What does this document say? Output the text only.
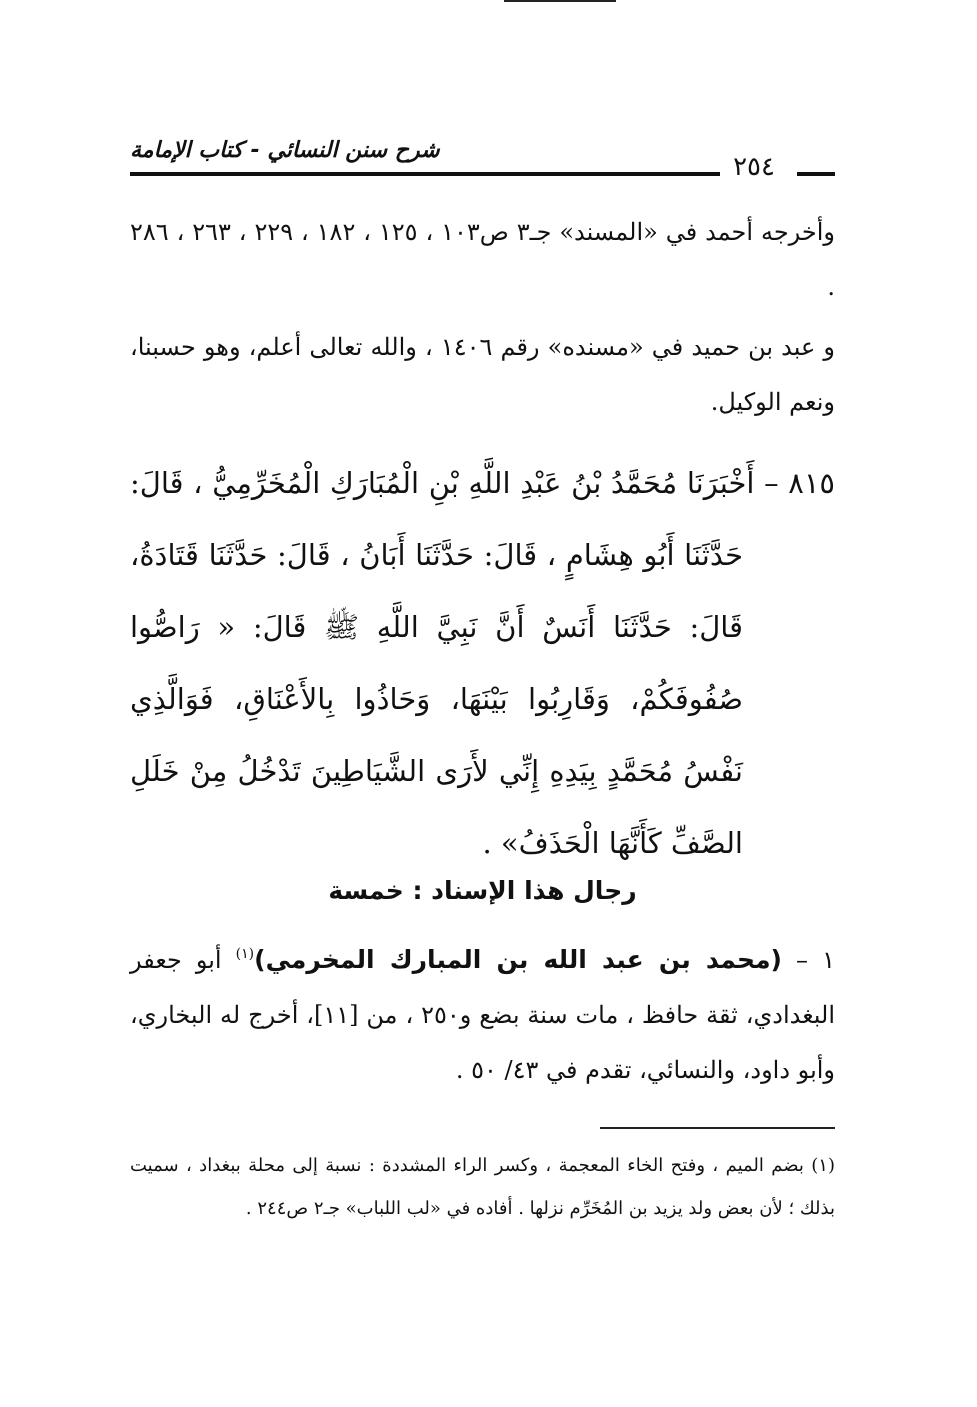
شرح سنن النسائي - كتاب الإمامة
٢٥٤

وأخرجه أحمد في «المسند» جـ٣ ص١٠٣ ، ١٢٥ ، ١٨٢ ، ٢٢٩ ، ٢٦٣ ، ٢٨٦ .

و عبد بن حميد في «مسنده» رقم ١٤٠٦ ، والله تعالى أعلم، وهو حسبنا، ونعم الوكيل.

٨١٥ – أَخْبَرَنَا مُحَمَّدُ بْنُ عَبْدِ اللَّهِ بْنِ الْمُبَارَكِ الْمُخَرِّمِيُّ ، قَالَ:
حَدَّثَنَا أَبُو هِشَامٍ ، قَالَ: حَدَّثَنَا أَبَانُ ، قَالَ: حَدَّثَنَا قَتَادَةُ، قَالَ: حَدَّثَنَا أَنَسٌ أَنَّ نَبِيَّ اللَّهِ ﷺ قَالَ: « رَاصُّوا صُفُوفَكُمْ، وَقَارِبُوا بَيْنَهَا، وَحَاذُوا بِالأَعْنَاقِ، فَوَالَّذِي نَفْسُ مُحَمَّدٍ بِيَدِهِ إِنِّي لأَرَى الشَّيَاطِينَ تَدْخُلُ مِنْ خَلَلِ الصَّفِّ كَأَنَّهَا الْحَذَفُ» .
رجال هذا الإسناد : خمسة
١ – (محمد بن عبد الله بن المبارك المخرمي)$^{(١)}$ أبو جعفر البغدادي، ثقة حافظ ، مات سنة بضع و٢٥٠ ، من [١١]، أخرج له البخاري، وأبو داود، والنسائي، تقدم في ٤٣/ ٥٠ .
(١) بضم الميم ، وفتح الخاء المعجمة ، وكسر الراء المشددة : نسبة إلى محلة ببغداد ، سميت بذلك ؛ لأن بعض ولد يزيد بن المُخَرِّم نزلها . أفاده في «لب اللباب» جـ٢ ص٢٤٤ .
